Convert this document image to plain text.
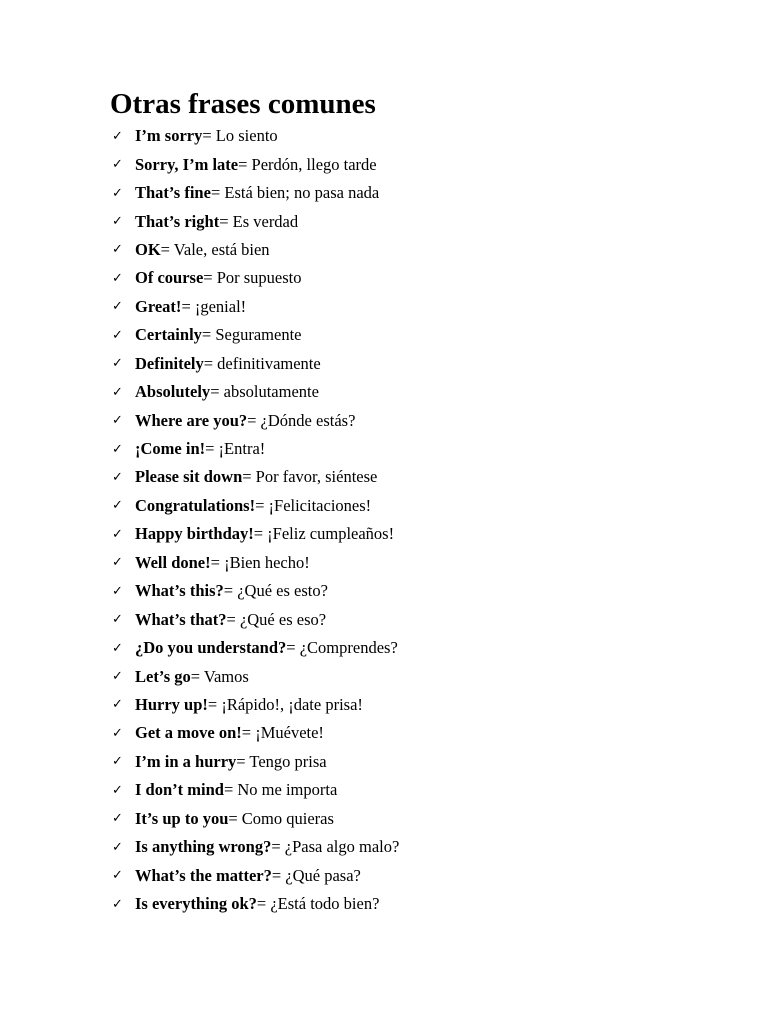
Otras frases comunes
✓ I’m sorry = Lo siento
✓ Sorry, I’m late = Perdón, llego tarde
✓ That’s fine = Está bien; no pasa nada
✓ That’s right = Es verdad
✓ OK = Vale, está bien
✓ Of course = Por supuesto
✓ Great! = ¡genial!
✓ Certainly = Seguramente
✓ Definitely = definitivamente
✓ Absolutely = absolutamente
✓ Where are you? = ¿Dónde estás?
✓ ¡Come in! = ¡Entra!
✓ Please sit down = Por favor, siéntese
✓ Congratulations! = ¡Felicitaciones!
✓ Happy birthday! = ¡Feliz cumpleaños!
✓ Well done! = ¡Bien hecho!
✓ What’s this? = ¿Qué es esto?
✓ What’s that? = ¿Qué es eso?
✓ ¿Do you understand? = ¿Comprendes?
✓ Let’s go = Vamos
✓ Hurry up! = ¡Rápido!, ¡date prisa!
✓ Get a move on! = ¡Muévete!
✓ I’m in a hurry = Tengo prisa
✓ I don’t mind = No me importa
✓ It’s up to you = Como quieras
✓ Is anything wrong? = ¿Pasa algo malo?
✓ What’s the matter? = ¿Qué pasa?
✓ Is everything ok? = ¿Está todo bien?
